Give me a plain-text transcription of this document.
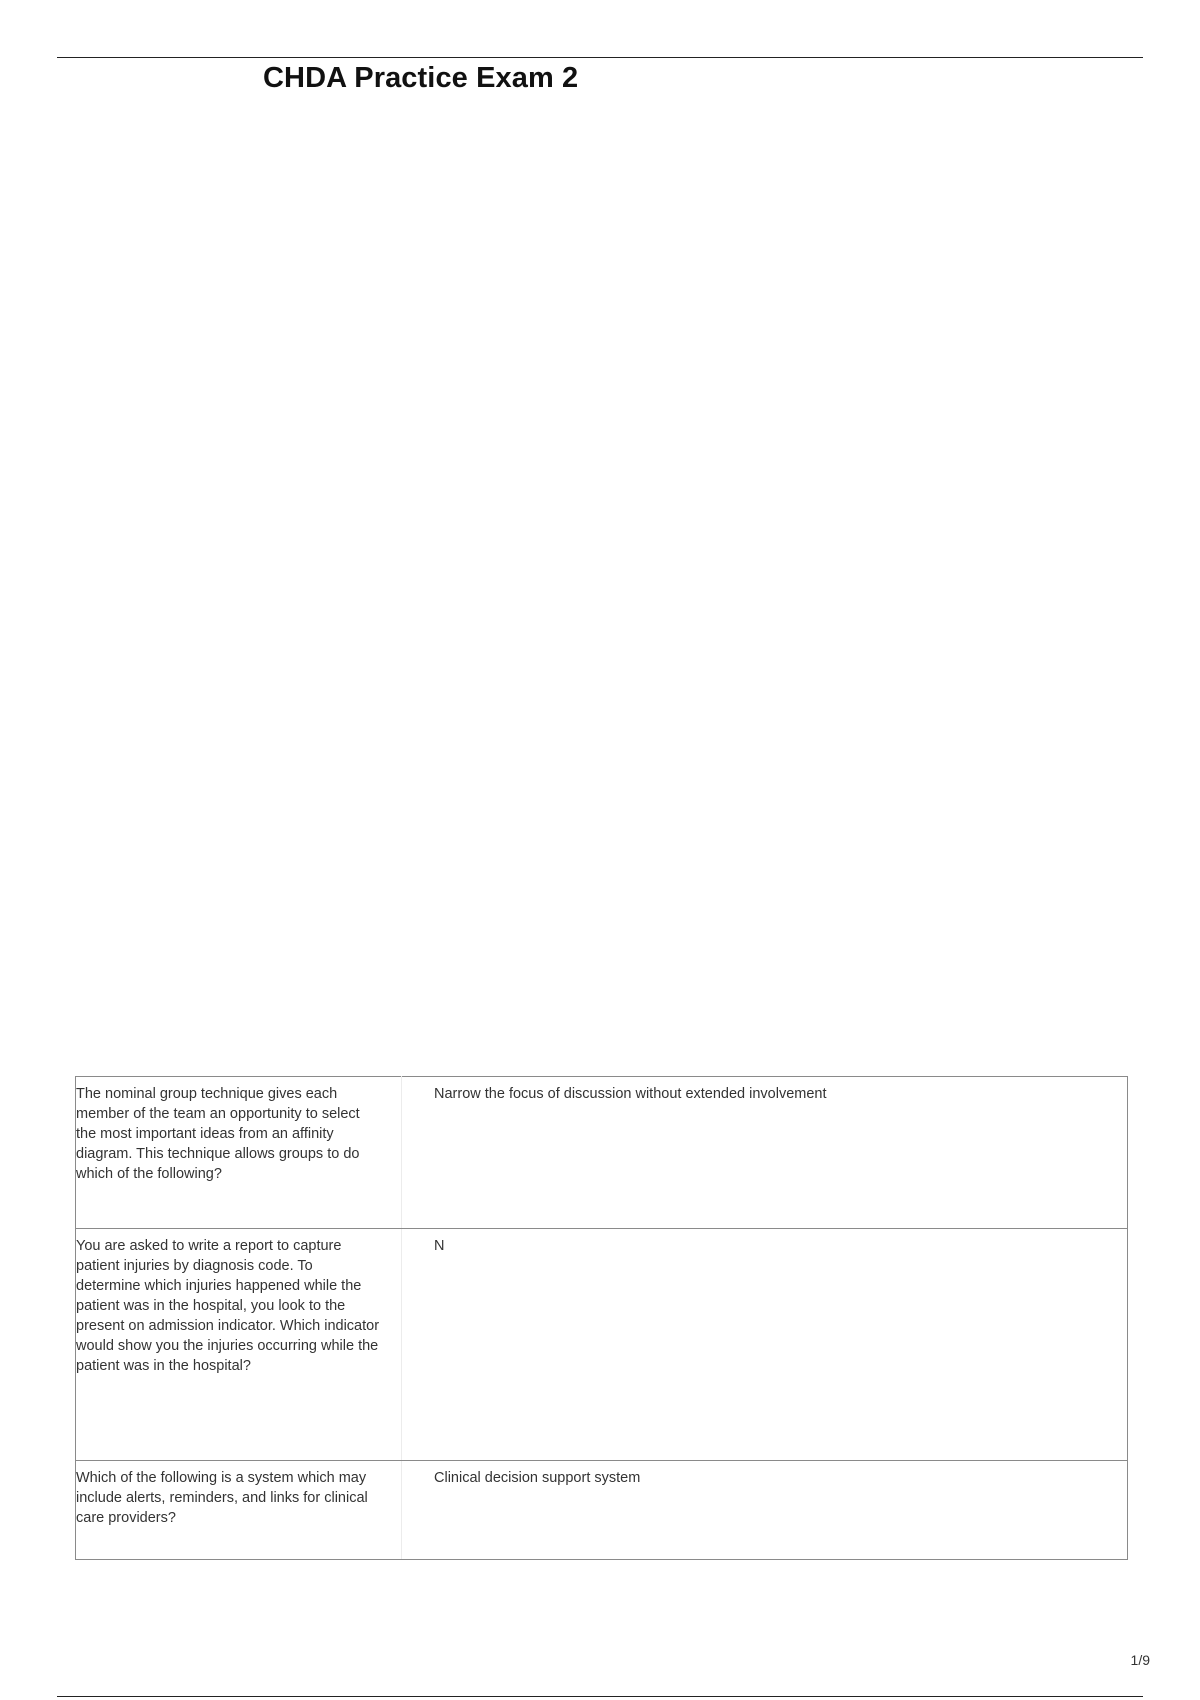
CHDA Practice Exam 2
The nominal group technique gives each member of the team an opportunity to select the most important ideas from an affinity diagram. This technique allows groups to do which of the following?	Narrow the focus of discussion without extended involvement

You are asked to write a report to capture patient injuries by diagnosis code. To determine which injuries happened while the patient was in the hospital, you look to the present on admission indicator. Which indicator would show you the injuries occurring while the patient was in the hospital?	N

Which of the following is a system which may include alerts, reminders, and links for clinical care providers?	Clinical decision support system
1/9
